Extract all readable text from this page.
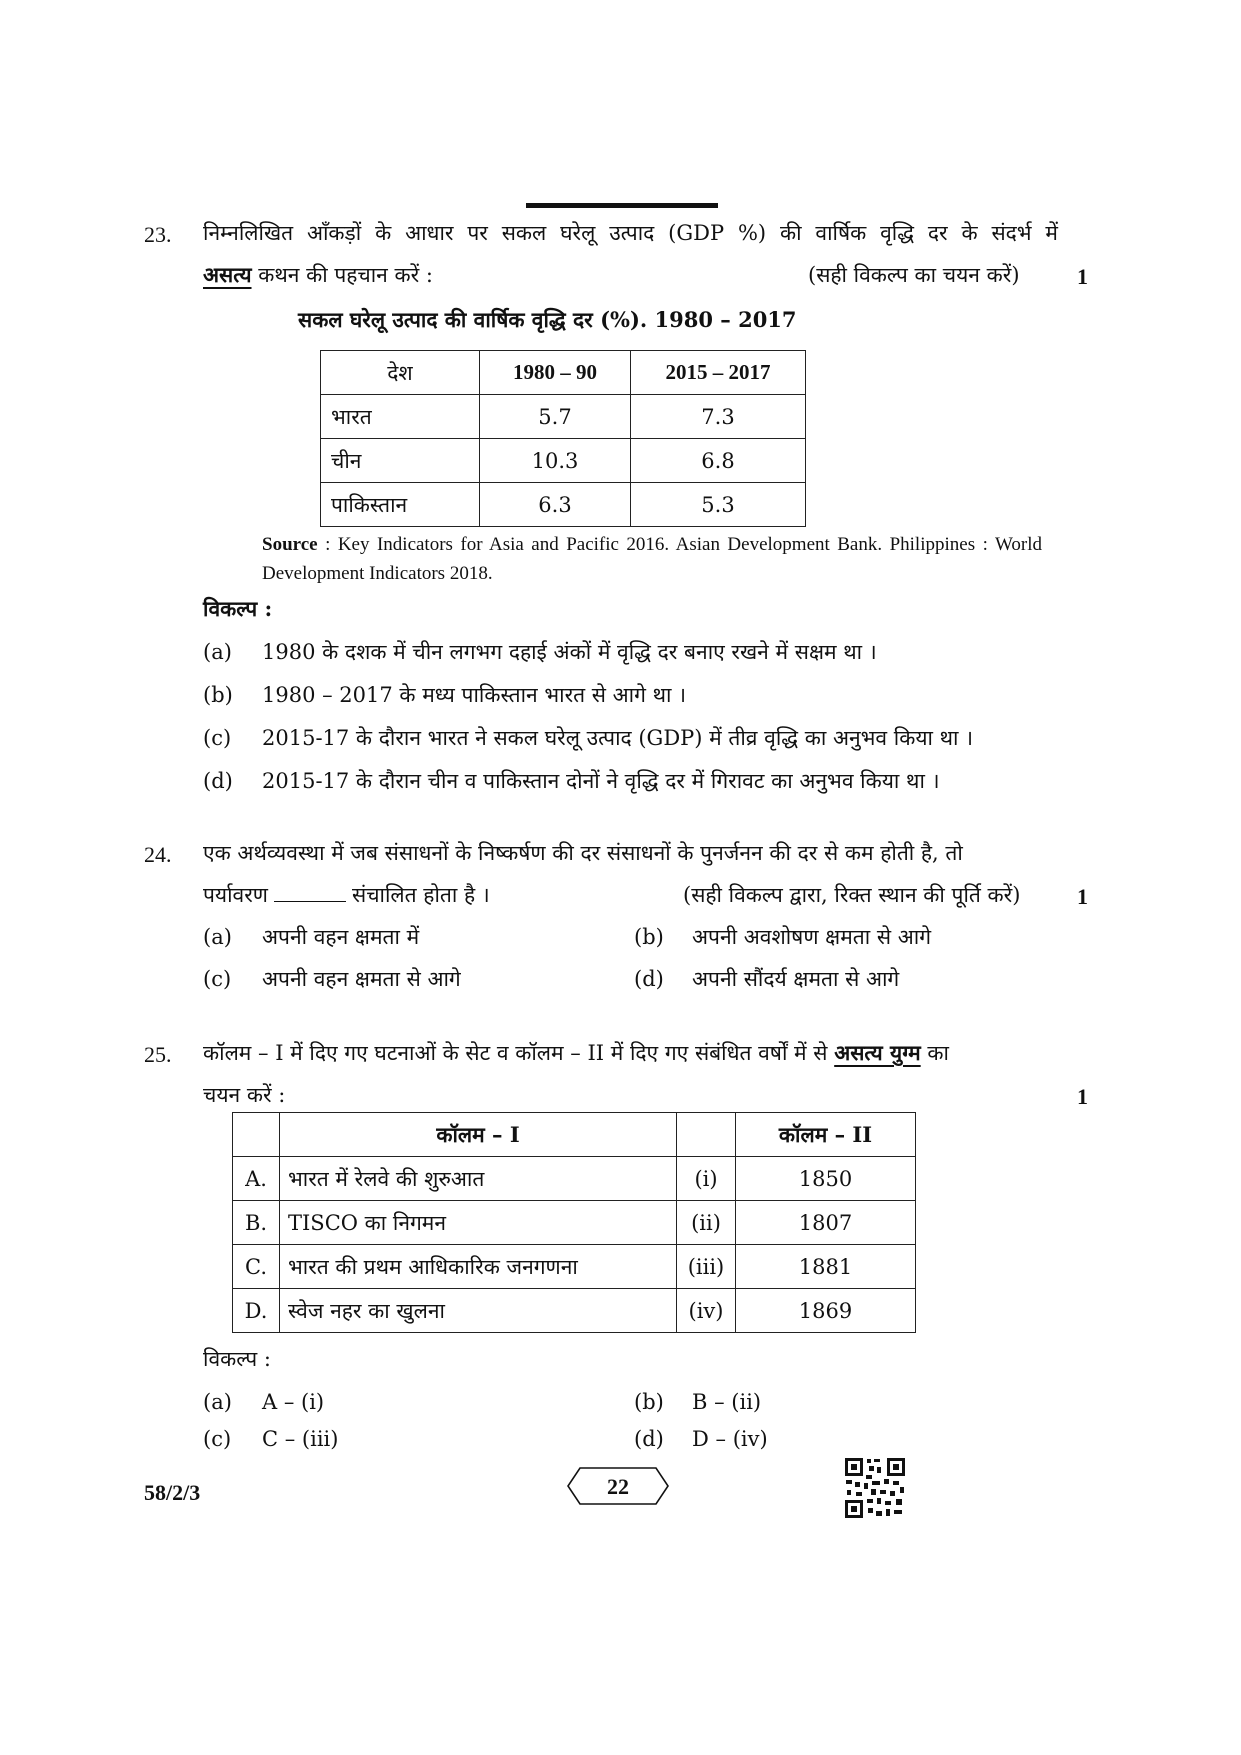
23. निम्नलिखित आँकड़ों के आधार पर सकल घरेलू उत्पाद (GDP %) की वार्षिक वृद्धि दर के संदर्भ में
असत्य कथन की पहचान करें :	(सही विकल्प का चयन करें)	1
सकल घरेलू उत्पाद की वार्षिक वृद्धि दर (%). 1980 – 2017
देश	1980 – 90	2015 – 2017
भारत	5.7	7.3
चीन	10.3	6.8
पाकिस्तान	6.3	5.3
Source : Key Indicators for Asia and Pacific 2016. Asian Development Bank. Philippines : World Development Indicators 2018.
विकल्प :
(a) 1980 के दशक में चीन लगभग दहाई अंकों में वृद्धि दर बनाए रखने में सक्षम था ।
(b) 1980 – 2017 के मध्य पाकिस्तान भारत से आगे था ।
(c) 2015-17 के दौरान भारत ने सकल घरेलू उत्पाद (GDP) में तीव्र वृद्धि का अनुभव किया था ।
(d) 2015-17 के दौरान चीन व पाकिस्तान दोनों ने वृद्धि दर में गिरावट का अनुभव किया था ।
24. एक अर्थव्यवस्था में जब संसाधनों के निष्कर्षण की दर संसाधनों के पुनर्जनन की दर से कम होती है, तो
पर्यावरण	संचालित होता है ।	(सही विकल्प द्वारा, रिक्त स्थान की पूर्ति करें)	1
(a) अपनी वहन क्षमता में	(b) अपनी अवशोषण क्षमता से आगे
(c) अपनी वहन क्षमता से आगे	(d) अपनी सौंदर्य क्षमता से आगे
25. कॉलम – I में दिए गए घटनाओं के सेट व कॉलम – II में दिए गए संबंधित वर्षों में से असत्य युग्म का
चयन करें :	1
	कॉलम – I		कॉलम – II
A.	भारत में रेलवे की शुरुआत	(i)	1850
B.	TISCO का निगमन	(ii)	1807
C.	भारत की प्रथम आधिकारिक जनगणना	(iii)	1881
D.	स्वेज नहर का खुलना	(iv)	1869
विकल्प :
(a) A – (i)	(b) B – (ii)
(c) C – (iii)	(d) D – (iv)
58/2/3	22
